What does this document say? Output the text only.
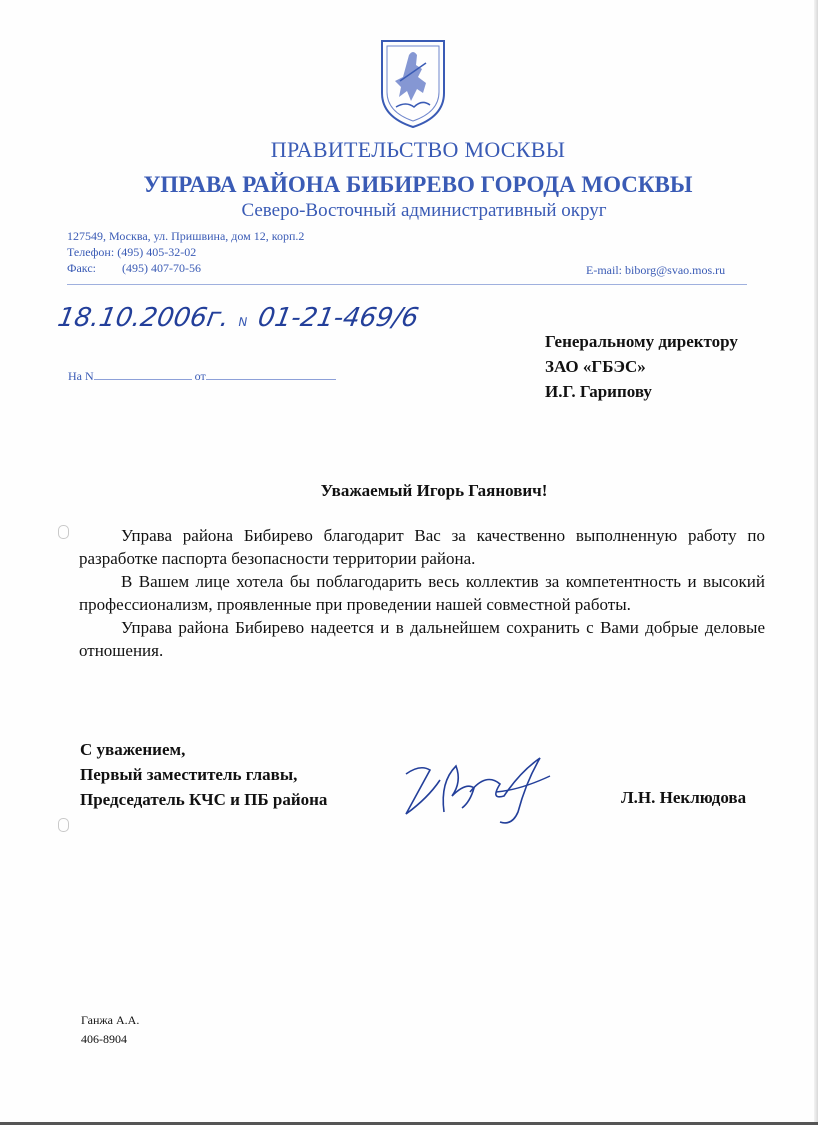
ПРАВИТЕЛЬСТВО МОСКВЫ
УПРАВА РАЙОНА БИБИРЕВО ГОРОДА МОСКВЫ
Северо-Восточный административный округ
127549, Москва, ул. Пришвина, дом 12, корп.2
Телефон: (495) 405-32-02
Факс: (495) 407-70-56	E-mail: biborg@svao.mos.ru
18.10.2006г. N 01-21-469/6
На N	от
Генеральному директору
ЗАО «ГБЭС»
И.Г. Гарипову
Уважаемый Игорь Гаянович!

Управа района Бибирево благодарит Вас за качественно выполненную работу по разработке паспорта безопасности территории района.

В Вашем лице хотела бы поблагодарить весь коллектив за компетентность и высокий профессионализм, проявленные при проведении нашей совместной работы.

Управа района Бибирево надеется и в дальнейшем сохранить с Вами добрые деловые отношения.

С уважением,
Первый заместитель главы,
Председатель КЧС и ПБ района	Л.Н. Неклюдова
Ганжа А.А.
406-8904
